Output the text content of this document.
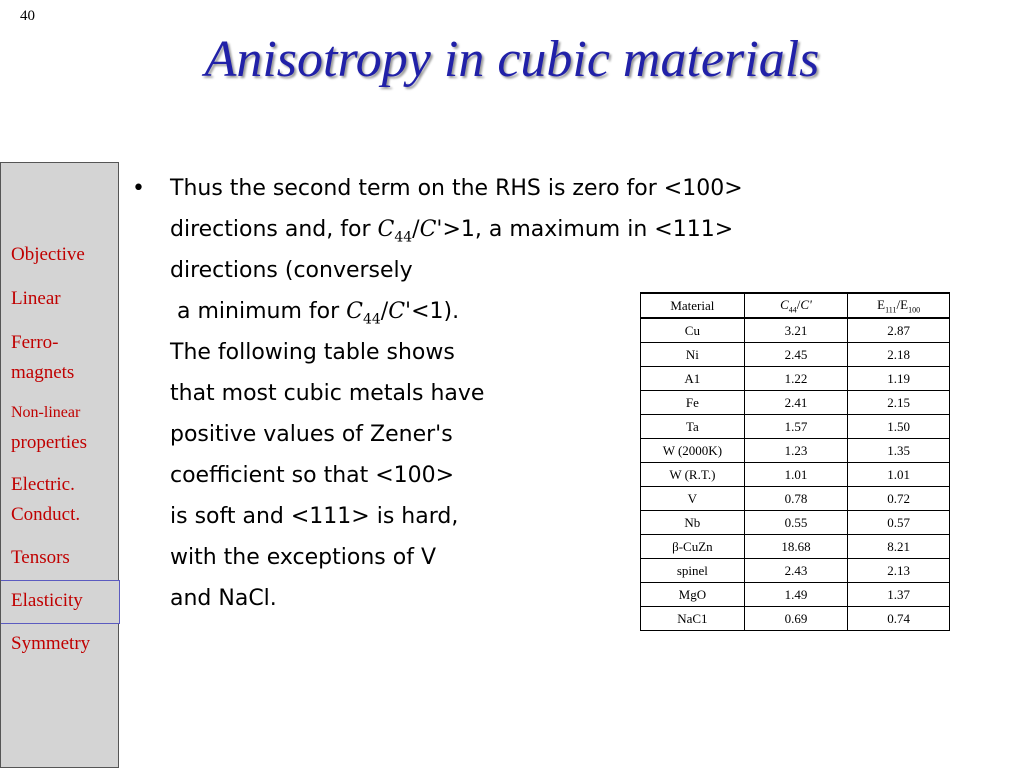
40
Anisotropy in cubic materials
Objective
Linear
Ferro-
magnets
Non-linear
properties
Electric.
Conduct.
Tensors
Elasticity
Symmetry
• Thus the second term on the RHS is zero for <100>
directions and, for $C_{44}/C'>1$, a maximum in <111>
directions (conversely
a minimum for $C_{44}/C'<1$).
The following table shows
that most cubic metals have
positive values of Zener's
coefficient so that <100>
is soft and <111> is hard,
with the exceptions of V
and NaCl.
Material	$C_{44}/C'$	$E_{111}/E_{100}$
Cu	3.21	2.87
Ni	2.45	2.18
A1	1.22	1.19
Fe	2.41	2.15
Ta	1.57	1.50
W (2000K)	1.23	1.35
W (R.T.)	1.01	1.01
V	0.78	0.72
Nb	0.55	0.57
β-CuZn	18.68	8.21
spinel	2.43	2.13
MgO	1.49	1.37
NaC1	0.69	0.74
